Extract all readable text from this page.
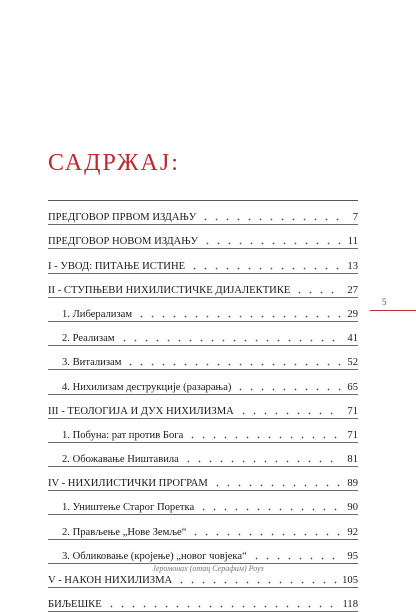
САДРЖАЈ:
ПРЕДГОВОР ПРВОМ ИЗДАЊУ	7
ПРЕДГОВОР НОВОМ ИЗДАЊУ	11
I - УВОД: ПИТАЊЕ ИСТИНЕ	13
II - СТУПЊЕВИ НИХИЛИСТИЧКЕ ДИЈАЛЕКТИКЕ	27
1. Либерализам	29
2. Реализам	41
3. Витализам	52
4. Нихилизам деструкције (разарања)	65
III - ТЕОЛОГИЈА И ДУХ НИХИЛИЗМА	71
1. Побуна: рат против Бога	71
2. Обожавање Ништавила	81
IV - НИХИЛИСТИЧКИ ПРОГРАМ	89
1. Уништење Старог Поретка	90
2. Прављење „Нове Земље“	92
3. Обликовање (кројење) „новог човјека“	95
V - НАКОН НИХИЛИЗМА	105
БИЉЕШКЕ	118
5
Јеромонах (отац Серафим) Роуз
